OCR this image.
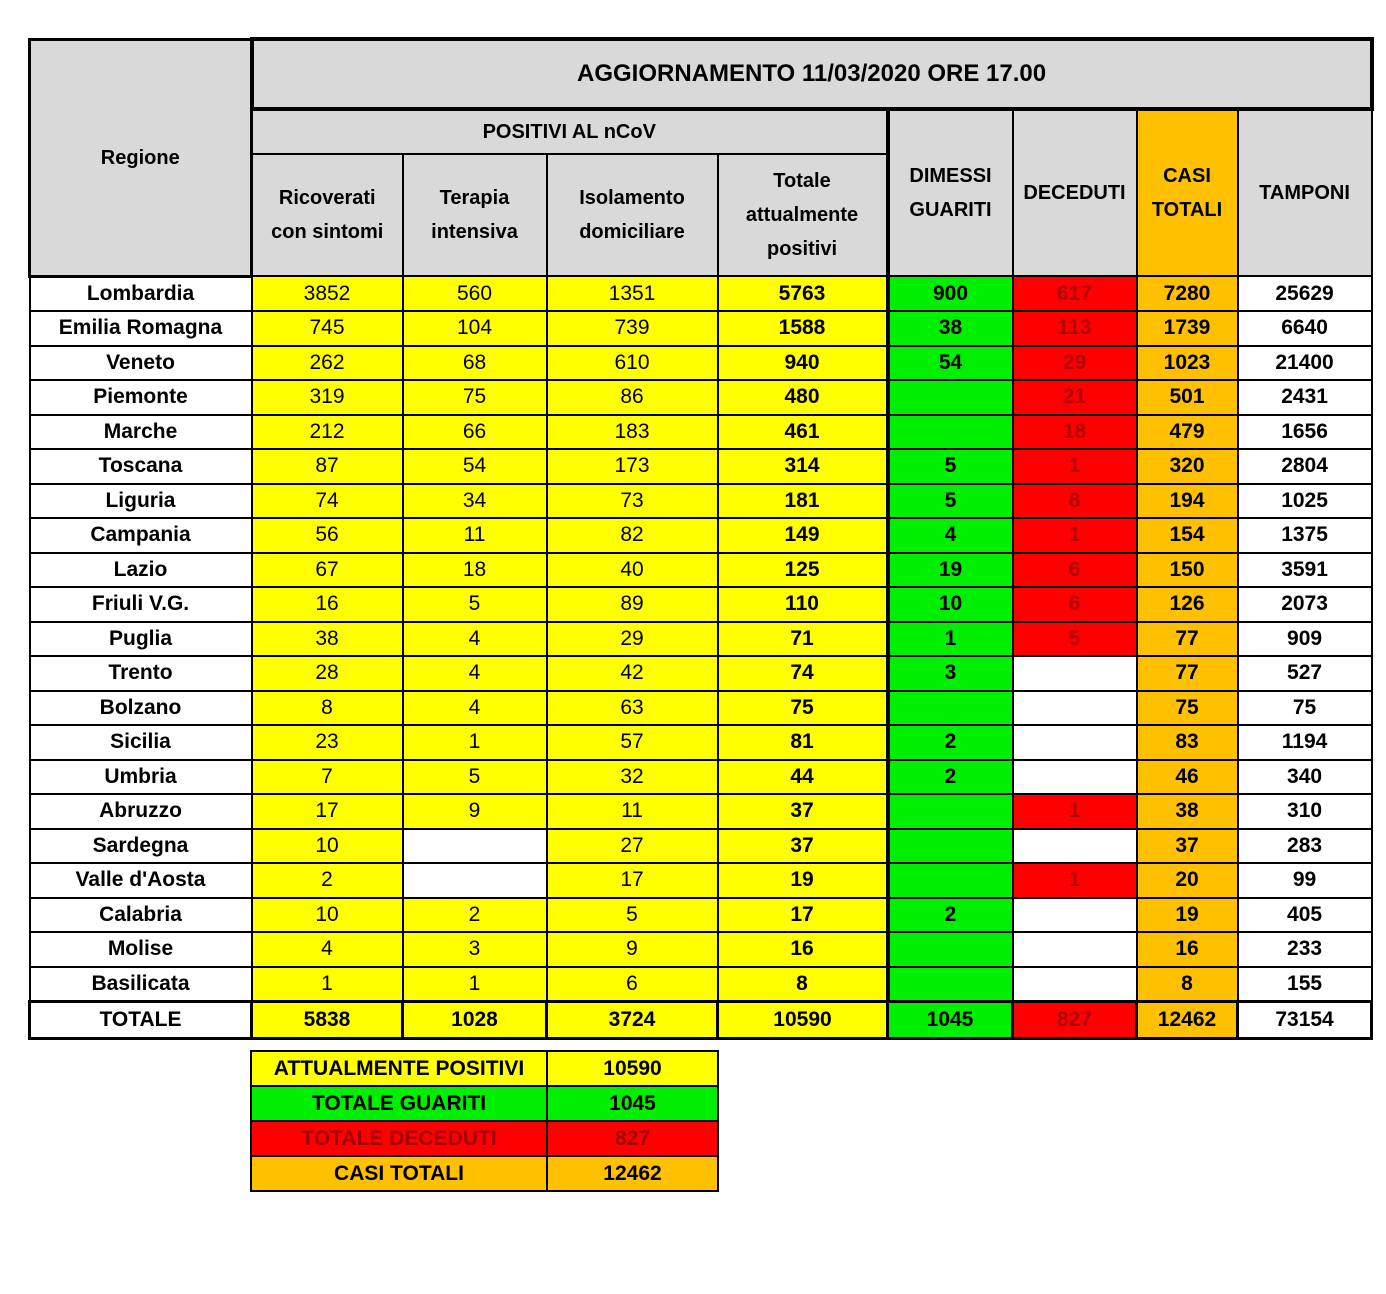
Regione	AGGIORNAMENTO 11/03/2020 ORE 17.00							
	POSITIVI AL nCoV				DIMESSI GUARITI	DECEDUTI	CASI TOTALI	TAMPONI
	Ricoverati con sintomi	Terapia intensiva	Isolamento domiciliare	Totale attualmente positivi				
Lombardia	3852	560	1351	5763	900	617	7280	25629
Emilia Romagna	745	104	739	1588	38	113	1739	6640
Veneto	262	68	610	940	54	29	1023	21400
Piemonte	319	75	86	480		21	501	2431
Marche	212	66	183	461		18	479	1656
Toscana	87	54	173	314	5	1	320	2804
Liguria	74	34	73	181	5	8	194	1025
Campania	56	11	82	149	4	1	154	1375
Lazio	67	18	40	125	19	6	150	3591
Friuli V.G.	16	5	89	110	10	6	126	2073
Puglia	38	4	29	71	1	5	77	909
Trento	28	4	42	74	3		77	527
Bolzano	8	4	63	75			75	75
Sicilia	23	1	57	81	2		83	1194
Umbria	7	5	32	44	2		46	340
Abruzzo	17	9	11	37		1	38	310
Sardegna	10		27	37			37	283
Valle d'Aosta	2		17	19		1	20	99
Calabria	10	2	5	17	2		19	405
Molise	4	3	9	16			16	233
Basilicata	1	1	6	8			8	155
TOTALE	5838	1028	3724	10590	1045	827	12462	73154
ATTUALMENTE POSITIVI	10590
TOTALE GUARITI	1045
TOTALE DECEDUTI	827
CASI TOTALI	12462
